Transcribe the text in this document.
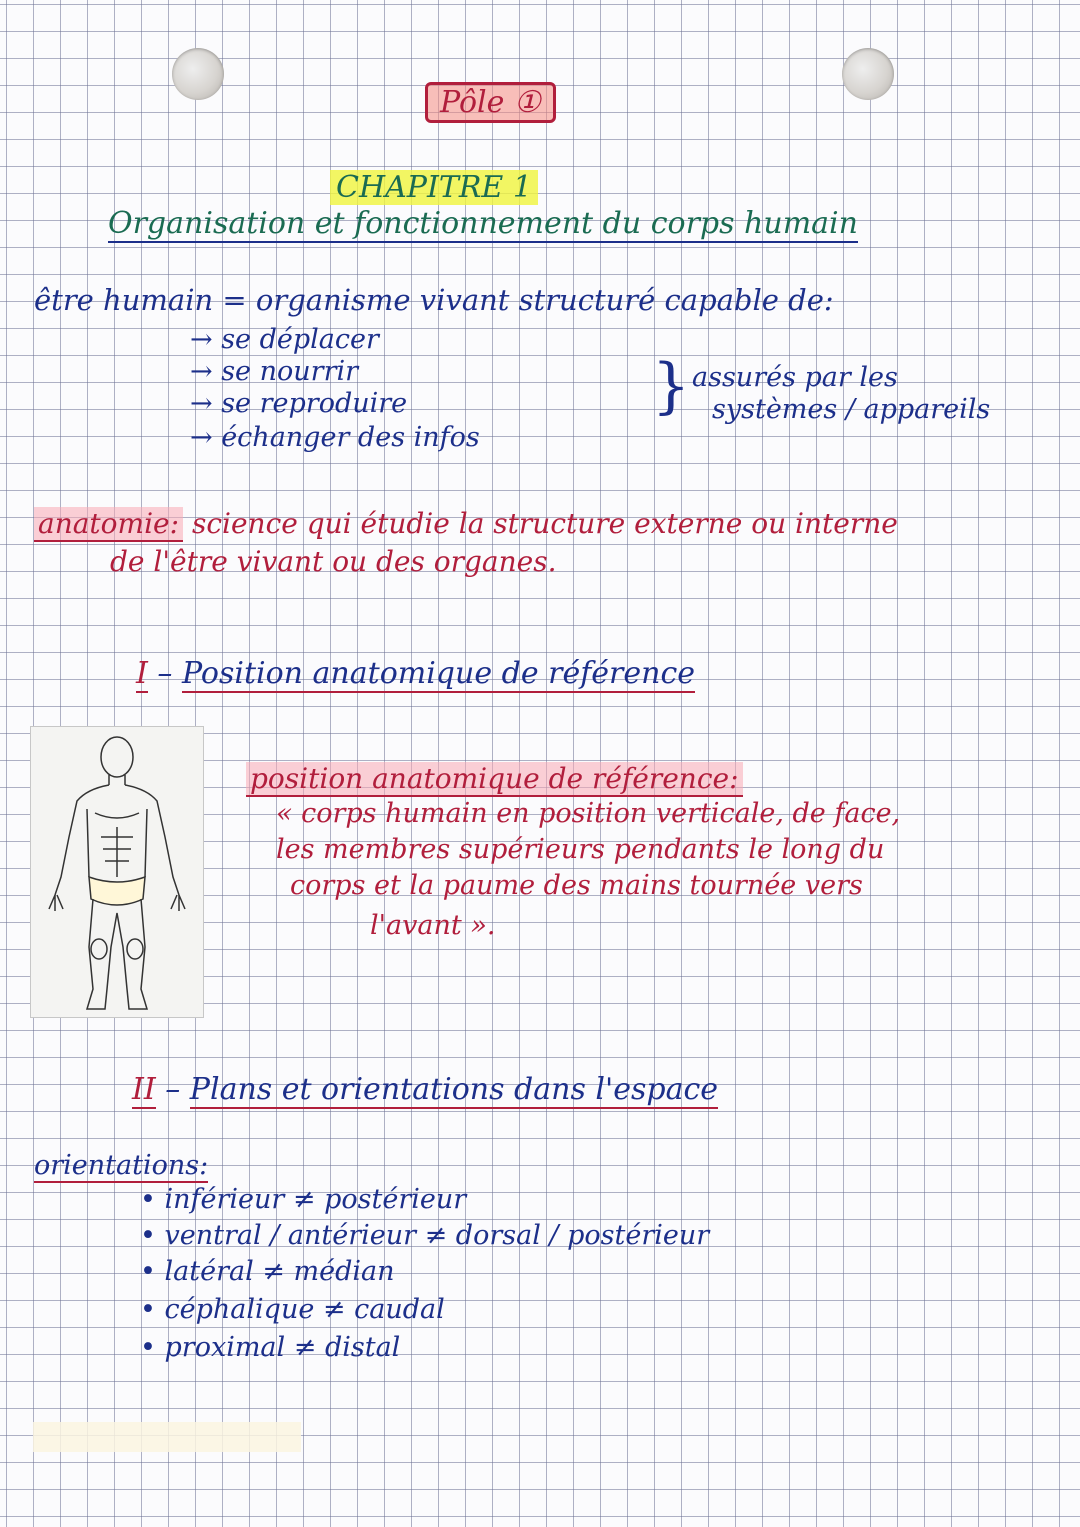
Pôle ①
CHAPITRE 1
Organisation et fonctionnement du corps humain
être humain = organisme vivant structuré capable de:
→ se déplacer
→ se nourrir
→ se reproduire
→ échanger des infos
} assurés par les
systèmes / appareils
anatomie: science qui étudie la structure externe ou interne
de l'être vivant ou des organes.
I – Position anatomique de référence
position anatomique de référence:
« corps humain en position verticale, de face,
les membres supérieurs pendants le long du
corps et la paume des mains tournée vers
l'avant ».
II – Plans et orientations dans l'espace
orientations:
• inférieur ≠ postérieur
• ventral / antérieur ≠ dorsal / postérieur
• latéral ≠ médian
• céphalique ≠ caudal
• proximal ≠ distal
